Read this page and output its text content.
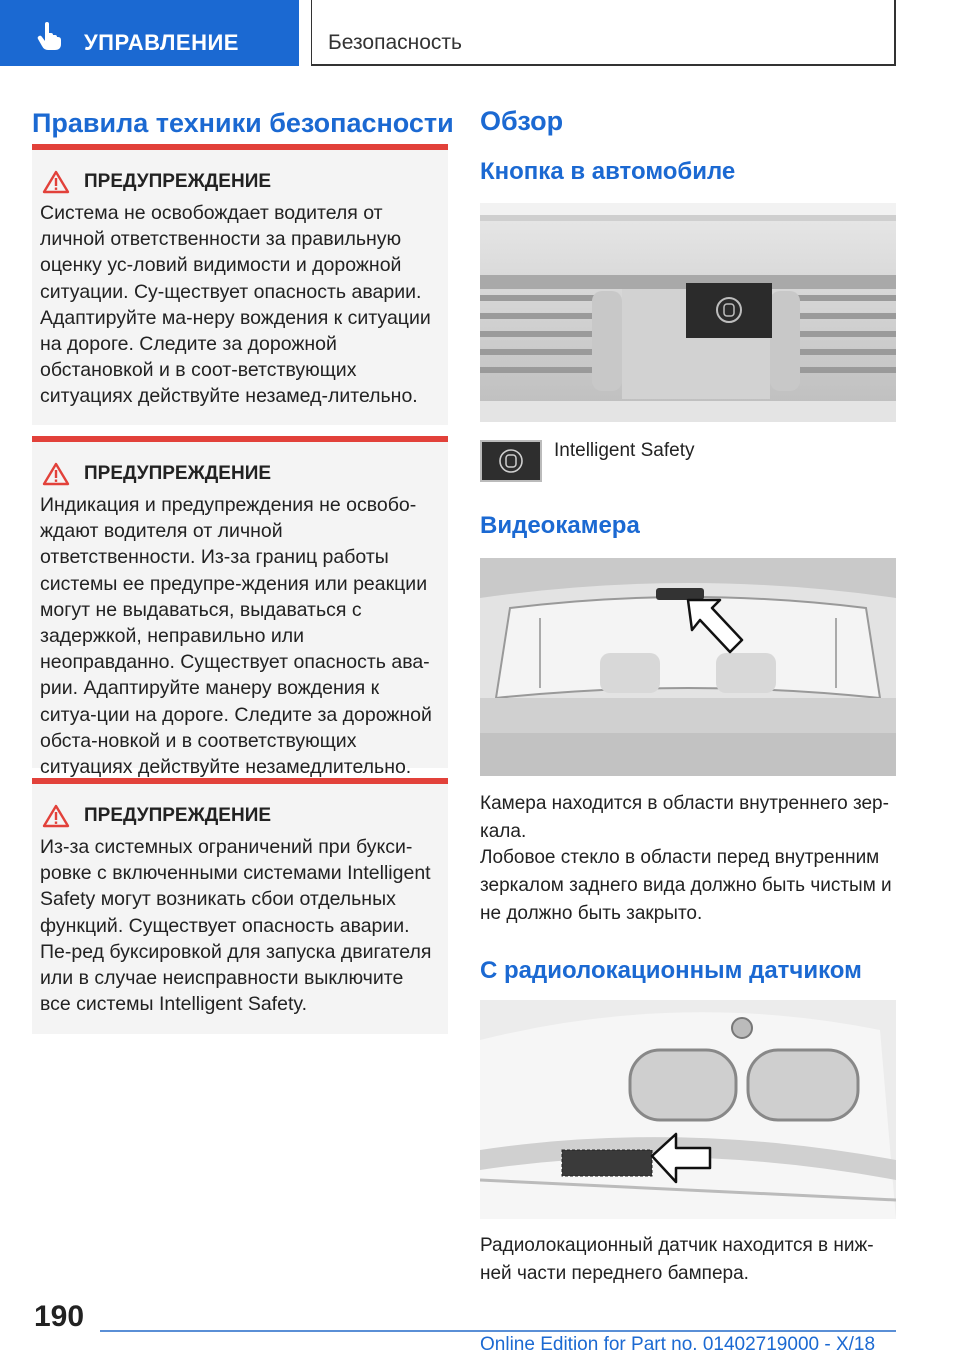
УПРАВЛЕНИЕ	Безопасность
Правила техники безопасности
ПРЕДУПРЕЖДЕНИЕ
Система не освобождает водителя от личной ответственности за правильную оценку ус-ловий видимости и дорожной ситуации. Су-ществует опасность аварии. Адаптируйте ма-неру вождения к ситуации на дороге. Следите за дорожной обстановкой и в соот-ветствующих ситуациях действуйте незамед-лительно.
ПРЕДУПРЕЖДЕНИЕ
Индикация и предупреждения не освобо-ждают водителя от личной ответственности. Из-за границ работы системы ее предупре-ждения или реакции могут не выдаваться, выдаваться с задержкой, неправильно или неоправданно. Существует опасность ава-рии. Адаптируйте манеру вождения к ситуа-ции на дороге. Следите за дорожной обста-новкой и в соответствующих ситуациях действуйте незамедлительно.
ПРЕДУПРЕЖДЕНИЕ
Из-за системных ограничений при букси-ровке с включенными системами Intelligent Safety могут возникать сбои отдельных функций. Существует опасность аварии. Пе-ред буксировкой для запуска двигателя или в случае неисправности выключите все системы Intelligent Safety.
Обзор
Кнопка в автомобиле
Intelligent Safety
Видеокамера
Камера находится в области внутреннего зер-кала.
Лобовое стекло в области перед внутренним зеркалом заднего вида должно быть чистым и не должно быть закрыто.
С радиолокационным датчиком
Радиолокационный датчик находится в ниж-ней части переднего бампера.
190
Online Edition for Part no. 01402719000 - X/18
